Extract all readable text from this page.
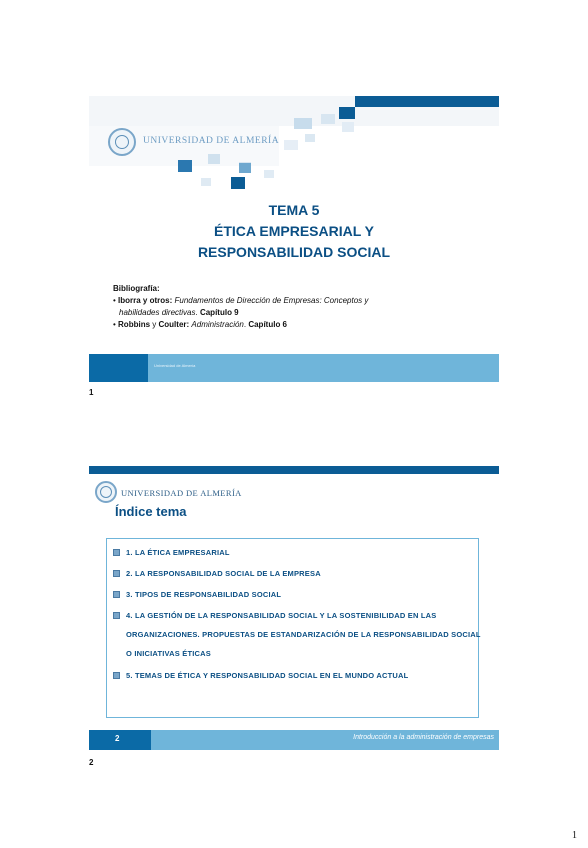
UNIVERSIDAD DE ALMERÍA
TEMA 5
ÉTICA EMPRESARIAL Y
RESPONSABILIDAD SOCIAL
Bibliografía:
• Iborra y otros: Fundamentos de Dirección de Empresas: Conceptos y
habilidades directivas. Capítulo 9
• Robbins y Coulter: Administración. Capítulo 6
Universidad de Almería
1
UNIVERSIDAD DE ALMERÍA
Índice tema
1. LA ÉTICA EMPRESARIAL
2. LA RESPONSABILIDAD SOCIAL DE LA EMPRESA
3. TIPOS DE RESPONSABILIDAD SOCIAL
4. LA GESTIÓN DE LA RESPONSABILIDAD SOCIAL Y LA SOSTENIBILIDAD EN LAS ORGANIZACIONES. PROPUESTAS DE ESTANDARIZACIÓN DE LA RESPONSABILIDAD SOCIAL O INICIATIVAS ÉTICAS
5. TEMAS DE ÉTICA Y RESPONSABILIDAD SOCIAL EN EL MUNDO ACTUAL
2	Introducción a la administración de empresas
2
1
